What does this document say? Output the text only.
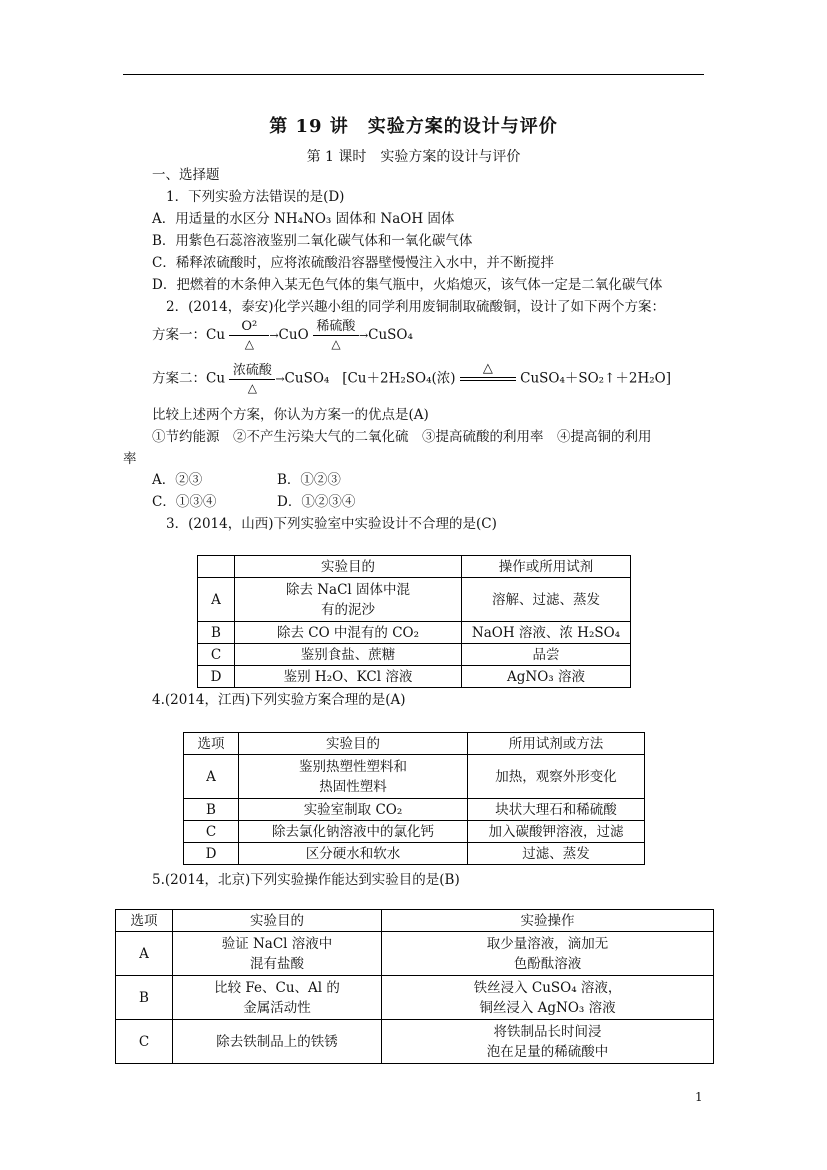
第 19 讲　实验方案的设计与评价
第 1 课时　实验方案的设计与评价
一、选择题
1．下列实验方法错误的是(D)
A．用适量的水区分 NH₄NO₃ 固体和 NaOH 固体
B．用紫色石蕊溶液鉴别二氧化碳气体和一氧化碳气体
C．稀释浓硫酸时，应将浓硫酸沿容器壁慢慢注入水中，并不断搅拌
D．把燃着的木条伸入某无色气体的集气瓶中，火焰熄灭，该气体一定是二氧化碳气体
2．(2014，泰安)化学兴趣小组的同学利用废铜制取硫酸铜，设计了如下两个方案：
方案一：Cu
O²
△
→CuO
稀硫酸
△
→CuSO₄
方案二：Cu
浓硫酸
△
→CuSO₄ [Cu＋2H₂SO₄(浓)
△

CuSO₄＋SO₂↑＋2H₂O]
比较上述两个方案，你认为方案一的优点是(A)
①节约能源　②不产生污染大气的二氧化硫　③提高硫酸的利用率　④提高铜的利用
率
A．②③	B．①②③
C．①③④	D．①②③④
3．(2014，山西)下列实验室中实验设计不合理的是(C)
	实验目的	操作或所用试剂
A	除去 NaCl 固体中混
有的泥沙	溶解、过滤、蒸发
B	除去 CO 中混有的 CO₂	NaOH 溶液、浓 H₂SO₄
C	鉴别食盐、蔗糖	品尝
D	鉴别 H₂O、KCl 溶液	AgNO₃ 溶液
4.(2014，江西)下列实验方案合理的是(A)
选项	实验目的	所用试剂或方法
A	鉴别热塑性塑料和
热固性塑料	加热，观察外形变化
B	实验室制取 CO₂	块状大理石和稀硫酸
C	除去氯化钠溶液中的氯化钙	加入碳酸钾溶液，过滤
D	区分硬水和软水	过滤、蒸发
5.(2014，北京)下列实验操作能达到实验目的是(B)
选项	实验目的	实验操作
A	验证 NaCl 溶液中
混有盐酸	取少量溶液，滴加无
色酚酞溶液
B	比较 Fe、Cu、Al 的
金属活动性	铁丝浸入 CuSO₄ 溶液，
铜丝浸入 AgNO₃ 溶液
C	除去铁制品上的铁锈	将铁制品长时间浸
泡在足量的稀硫酸中
1
